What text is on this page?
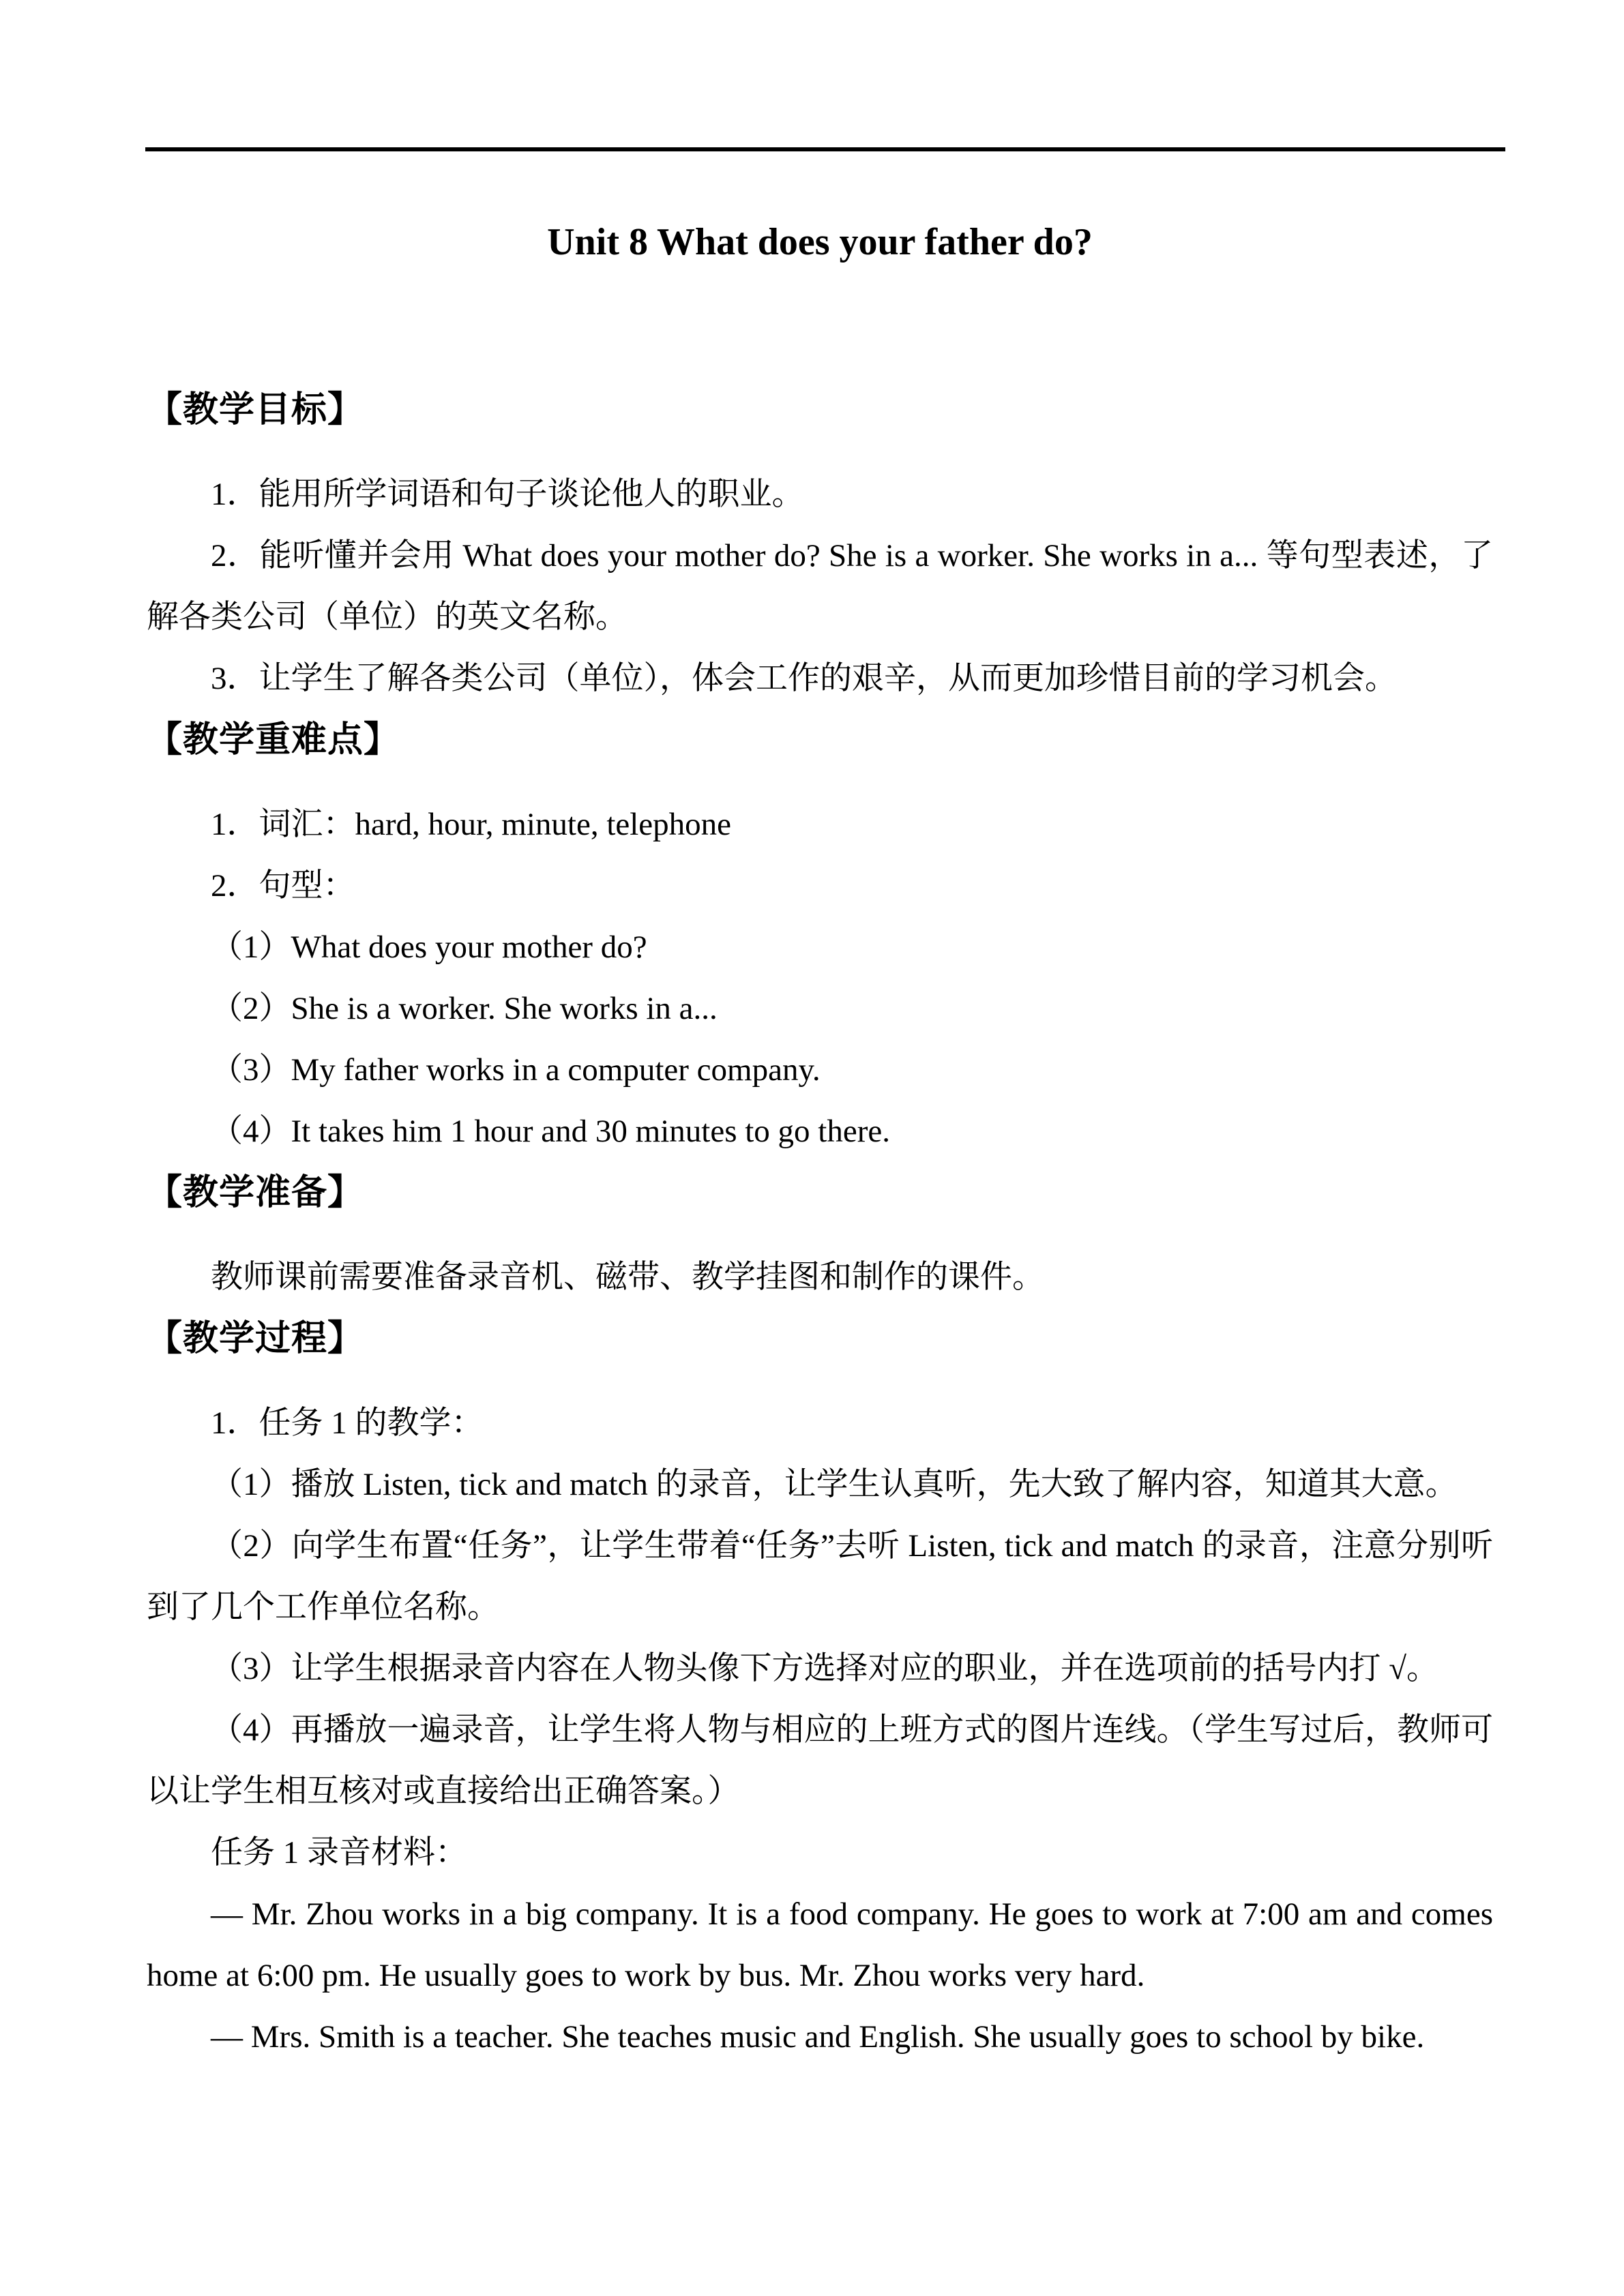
Unit 8 What does your father do?
【教学目标】

1．能用所学词语和句子谈论他人的职业。

2．能听懂并会用 What does your mother do? She is a worker. She works in a... 等句型表述，了解各类公司（单位）的英文名称。

3．让学生了解各类公司（单位），体会工作的艰辛，从而更加珍惜目前的学习机会。

【教学重难点】

1．词汇：hard, hour, minute, telephone

2．句型：

（1）What does your mother do?

（2）She is a worker. She works in a...

（3）My father works in a computer company.

（4）It takes him 1 hour and 30 minutes to go there.

【教学准备】

教师课前需要准备录音机、磁带、教学挂图和制作的课件。

【教学过程】

1．任务 1 的教学：

（1）播放 Listen, tick and match 的录音，让学生认真听，先大致了解内容，知道其大意。

（2）向学生布置“任务”，让学生带着“任务”去听 Listen, tick and match 的录音，注意分别听到了几个工作单位名称。

（3）让学生根据录音内容在人物头像下方选择对应的职业，并在选项前的括号内打 √。

（4）再播放一遍录音，让学生将人物与相应的上班方式的图片连线。（学生写过后，教师可以让学生相互核对或直接给出正确答案。）

任务 1 录音材料：

— Mr. Zhou works in a big company. It is a food company. He goes to work at 7:00 am and comes home at 6:00 pm. He usually goes to work by bus. Mr. Zhou works very hard.

— Mrs. Smith is a teacher. She teaches music and English. She usually goes to school by bike.
